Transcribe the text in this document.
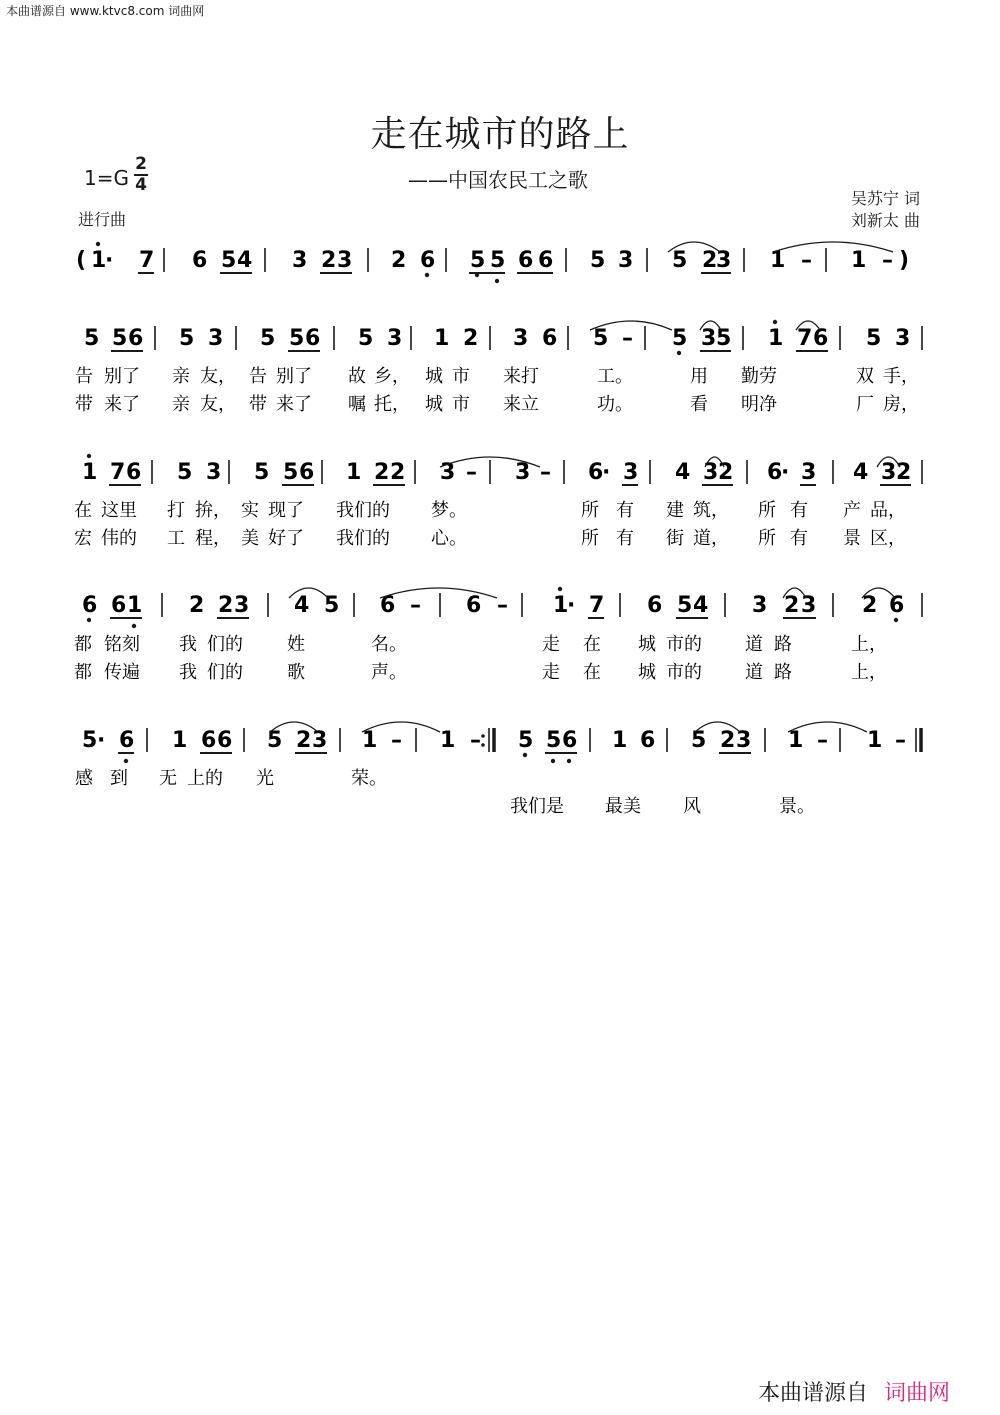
本曲谱源自 www.ktvc8.com 词曲网
走在城市的路上
——中国农民工之歌
1=G
2
4
进行曲
吴苏宁 词
刘新太 曲
( 1
· 7 6 5 4 3 2 3 2 6 5 5 6 6 5 3 5 2
3 1 – 1 – )
5 5 6 5 3 5 5 6 5 3 1 2 3 6 5 – 5 3 5 1 7 6 5 3
1 7 6 5 3 5 5 6 1 2 2 3 – 3 – 6
· 3 4 3 2 6
· 3 4 3 2
6 6 1 2 2 3 4 5 6 – 6 – 1
· 7 6 5 4 3 2 3 2 6
5 · 6 1 6 6 5 2 3 1 – 1 – 5 5 6 1 6 5 2 3 1 – 1 –
告 别了 亲 友， 告 别了 故 乡， 城 市 来打	工。	用 勤劳	双 手，
带 来了 亲 友， 带 来了 嘱 托， 城 市 来立	功。	看 明净	厂 房，
在 这里 打 拚， 实 现了 我们的 梦。	所 有 建 筑， 所 有 产 品，
宏 伟的 工 程， 美 好了 我们的 心。	所 有 街 道， 所 有 景 区，
都 铭刻 我 们的 姓	名。	走 在 城 市的 道 路	上，
都 传遍 我 们的 歌	声。	走 在 城 市的 道 路	上，
感 到 无 上的 光	荣。
我们是 最美 风	景。
本曲谱源自 词曲网
